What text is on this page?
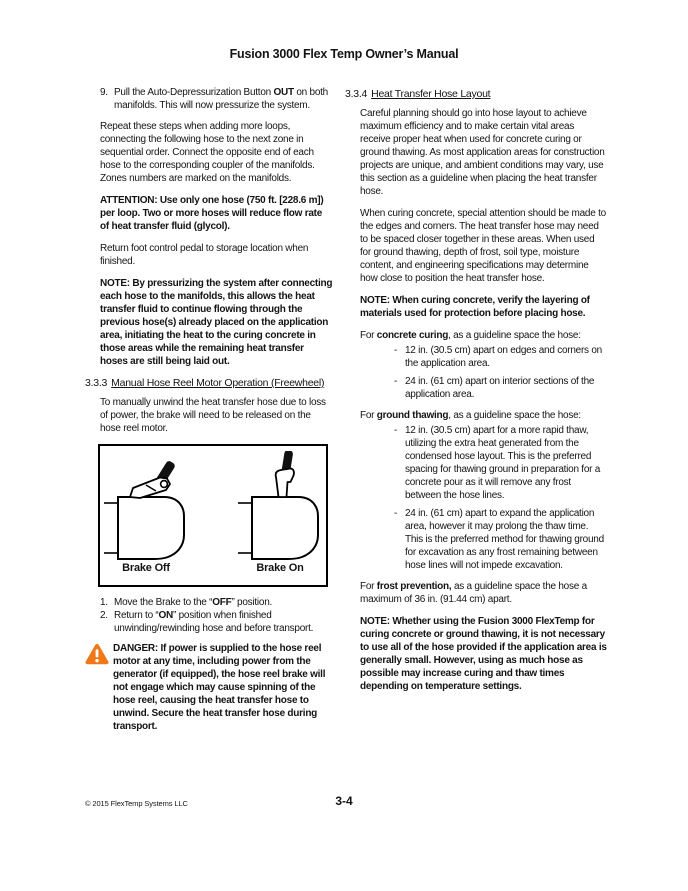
Fusion 3000 Flex Temp Owner’s Manual
9. Pull the Auto-Depressurization Button OUT on both manifolds. This will now pressurize the system.

Repeat these steps when adding more loops, connecting the following hose to the next zone in sequential order. Connect the opposite end of each hose to the corresponding coupler of the manifolds. Zones numbers are marked on the manifolds.

ATTENTION: Use only one hose (750 ft. [228.6 m]) per loop. Two or more hoses will reduce flow rate of heat transfer fluid (glycol).

Return foot control pedal to storage location when finished.

NOTE: By pressurizing the system after connecting each hose to the manifolds, this allows the heat transfer fluid to continue flowing through the previous hose(s) already placed on the application area, initiating the heat to the curing concrete in those areas while the remaining heat transfer hoses are still being laid out.

3.3.3 Manual Hose Reel Motor Operation (Freewheel)

To manually unwind the heat transfer hose due to loss of power, the brake will need to be released on the hose reel motor.

Brake Off	Brake On
1. Move the Brake to the “OFF” position.
2. Return to “ON” position when finished unwinding/rewinding hose and before transport.
DANGER: If power is supplied to the hose reel motor at any time, including power from the generator (if equipped), the hose reel brake will not engage which may cause spinning of the hose reel, causing the heat transfer hose to unwind. Secure the heat transfer hose during transport.
3.3.4 Heat Transfer Hose Layout

Careful planning should go into hose layout to achieve maximum efficiency and to make certain vital areas receive proper heat when used for concrete curing or ground thawing. As most application areas for construction projects are unique, and ambient conditions may vary, use this section as a guideline when placing the heat transfer hose.

When curing concrete, special attention should be made to the edges and corners. The heat transfer hose may need to be spaced closer together in these areas. When used for ground thawing, depth of frost, soil type, moisture content, and engineering specifications may determine how close to position the heat transfer hose.

NOTE: When curing concrete, verify the layering of materials used for protection before placing hose.

For concrete curing, as a guideline space the hose:

- 12 in. (30.5 cm) apart on edges and corners on the application area.
- 24 in. (61 cm) apart on interior sections of the application area.

For ground thawing, as a guideline space the hose:

- 12 in. (30.5 cm) apart for a more rapid thaw, utilizing the extra heat generated from the condensed hose layout. This is the preferred spacing for thawing ground in preparation for a concrete pour as it will remove any frost between the hose lines.
- 24 in. (61 cm) apart to expand the application area, however it may prolong the thaw time. This is the preferred method for thawing ground for excavation as any frost remaining between hose lines will not impede excavation.

For frost prevention, as a guideline space the hose a maximum of 36 in. (91.44 cm) apart.

NOTE: Whether using the Fusion 3000 FlexTemp for curing concrete or ground thawing, it is not necessary to use all of the hose provided if the application area is generally small. However, using as much hose as possible may increase curing and thaw times depending on temperature settings.

© 2015 FlexTemp Systems LLC	3-4
